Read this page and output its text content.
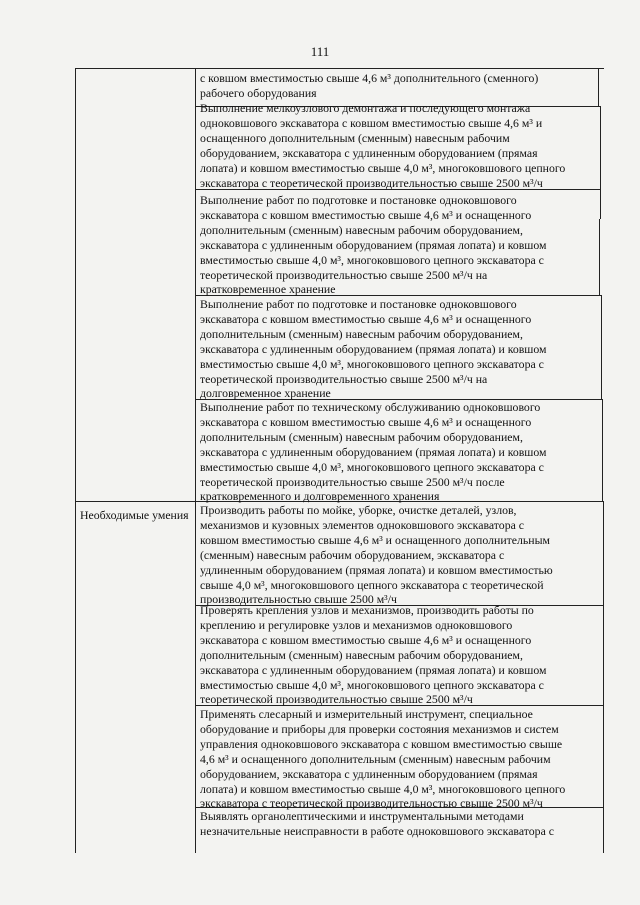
111
Необходимые умения
с ковшом вместимостью свыше 4,6 м³ дополнительного (сменного)
рабочего оборудования
Выполнение мелкоузлового демонтажа и последующего монтажа
одноковшового экскаватора с ковшом вместимостью свыше 4,6 м³ и
оснащенного дополнительным (сменным) навесным рабочим
оборудованием, экскаватора с удлиненным оборудованием (прямая
лопата) и ковшом вместимостью свыше 4,0 м³, многоковшового цепного
экскаватора с теоретической производительностью свыше 2500 м³/ч
Выполнение работ по подготовке и постановке одноковшового
экскаватора с ковшом вместимостью свыше 4,6 м³ и оснащенного
дополнительным (сменным) навесным рабочим оборудованием,
экскаватора с удлиненным оборудованием (прямая лопата) и ковшом
вместимостью свыше 4,0 м³, многоковшового цепного экскаватора с
теоретической производительностью свыше 2500 м³/ч на
кратковременное хранение
Выполнение работ по подготовке и постановке одноковшового
экскаватора с ковшом вместимостью свыше 4,6 м³ и оснащенного
дополнительным (сменным) навесным рабочим оборудованием,
экскаватора с удлиненным оборудованием (прямая лопата) и ковшом
вместимостью свыше 4,0 м³, многоковшового цепного экскаватора с
теоретической производительностью свыше 2500 м³/ч на
долговременное хранение
Выполнение работ по техническому обслуживанию одноковшового
экскаватора с ковшом вместимостью свыше 4,6 м³ и оснащенного
дополнительным (сменным) навесным рабочим оборудованием,
экскаватора с удлиненным оборудованием (прямая лопата) и ковшом
вместимостью свыше 4,0 м³, многоковшового цепного экскаватора с
теоретической производительностью свыше 2500 м³/ч после
кратковременного и долговременного хранения
Производить работы по мойке, уборке, очистке деталей, узлов,
механизмов и кузовных элементов одноковшового экскаватора с
ковшом вместимостью свыше 4,6 м³ и оснащенного дополнительным
(сменным) навесным рабочим оборудованием, экскаватора с
удлиненным оборудованием (прямая лопата) и ковшом вместимостью
свыше 4,0 м³, многоковшового цепного экскаватора с теоретической
производительностью свыше 2500 м³/ч
Проверять крепления узлов и механизмов, производить работы по
креплению и регулировке узлов и механизмов одноковшового
экскаватора с ковшом вместимостью свыше 4,6 м³ и оснащенного
дополнительным (сменным) навесным рабочим оборудованием,
экскаватора с удлиненным оборудованием (прямая лопата) и ковшом
вместимостью свыше 4,0 м³, многоковшового цепного экскаватора с
теоретической производительностью свыше 2500 м³/ч
Применять слесарный и измерительный инструмент, специальное
оборудование и приборы для проверки состояния механизмов и систем
управления одноковшового экскаватора с ковшом вместимостью свыше
4,6 м³ и оснащенного дополнительным (сменным) навесным рабочим
оборудованием, экскаватора с удлиненным оборудованием (прямая
лопата) и ковшом вместимостью свыше 4,0 м³, многоковшового цепного
экскаватора с теоретической производительностью свыше 2500 м³/ч
Выявлять органолептическими и инструментальными методами
незначительные неисправности в работе одноковшового экскаватора с
